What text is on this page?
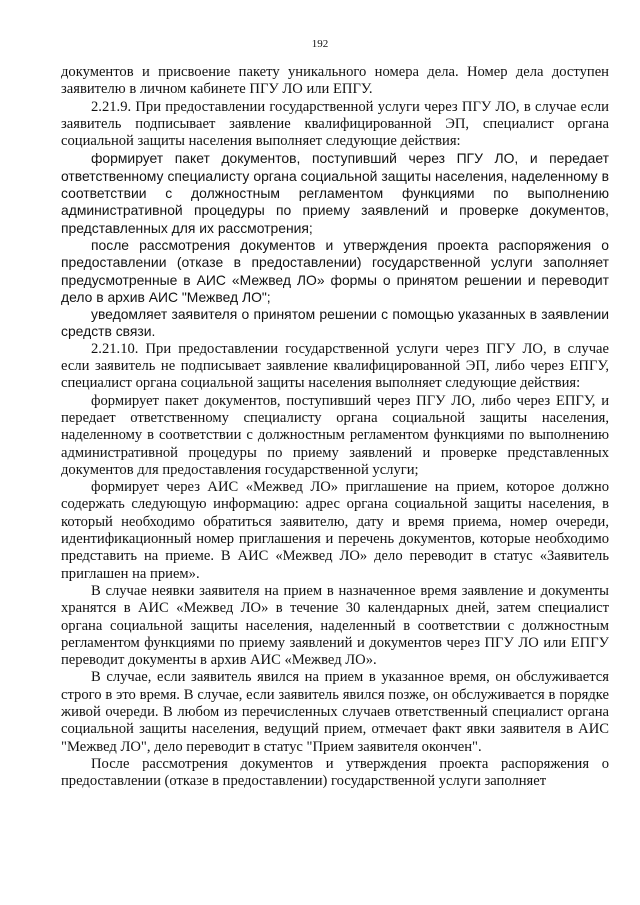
192

документов и присвоение пакету уникального номера дела. Номер дела доступен заявителю в личном кабинете ПГУ ЛО или ЕПГУ.

2.21.9. При предоставлении государственной услуги через ПГУ ЛО, в случае если заявитель подписывает заявление квалифицированной ЭП, специалист органа социальной защиты населения выполняет следующие действия:

формирует пакет документов, поступивший через ПГУ ЛО, и передает ответственному специалисту органа социальной защиты населения, наделенному в соответствии с должностным регламентом функциями по выполнению административной процедуры по приему заявлений и проверке документов, представленных для их рассмотрения;

после рассмотрения документов и утверждения проекта распоряжения о предоставлении (отказе в предоставлении) государственной услуги заполняет предусмотренные в АИС «Межвед ЛО» формы о принятом решении и переводит дело в архив АИС "Межвед ЛО";

уведомляет заявителя о принятом решении с помощью указанных в заявлении средств связи.

2.21.10. При предоставлении государственной услуги через ПГУ ЛО, в случае если заявитель не подписывает заявление квалифицированной ЭП, либо через ЕПГУ, специалист органа социальной защиты населения выполняет следующие действия:

формирует пакет документов, поступивший через ПГУ ЛО, либо через ЕПГУ, и передает ответственному специалисту органа социальной защиты населения, наделенному в соответствии с должностным регламентом функциями по выполнению административной процедуры по приему заявлений и проверке представленных документов для предоставления государственной услуги;

формирует через АИС «Межвед ЛО» приглашение на прием, которое должно содержать следующую информацию: адрес органа социальной защиты населения, в который необходимо обратиться заявителю, дату и время приема, номер очереди, идентификационный номер приглашения и перечень документов, которые необходимо представить на приеме. В АИС «Межвед ЛО» дело переводит в статус «Заявитель приглашен на прием».

В случае неявки заявителя на прием в назначенное время заявление и документы хранятся в АИС «Межвед ЛО» в течение 30 календарных дней, затем специалист органа социальной защиты населения, наделенный в соответствии с должностным регламентом функциями по приему заявлений и документов через ПГУ ЛО или ЕПГУ переводит документы в архив АИС «Межвед ЛО».

В случае, если заявитель явился на прием в указанное время, он обслуживается строго в это время. В случае, если заявитель явился позже, он обслуживается в порядке живой очереди. В любом из перечисленных случаев ответственный специалист органа социальной защиты населения, ведущий прием, отмечает факт явки заявителя в АИС "Межвед ЛО", дело переводит в статус "Прием заявителя окончен".

После рассмотрения документов и утверждения проекта распоряжения о предоставлении (отказе в предоставлении) государственной услуги заполняет
